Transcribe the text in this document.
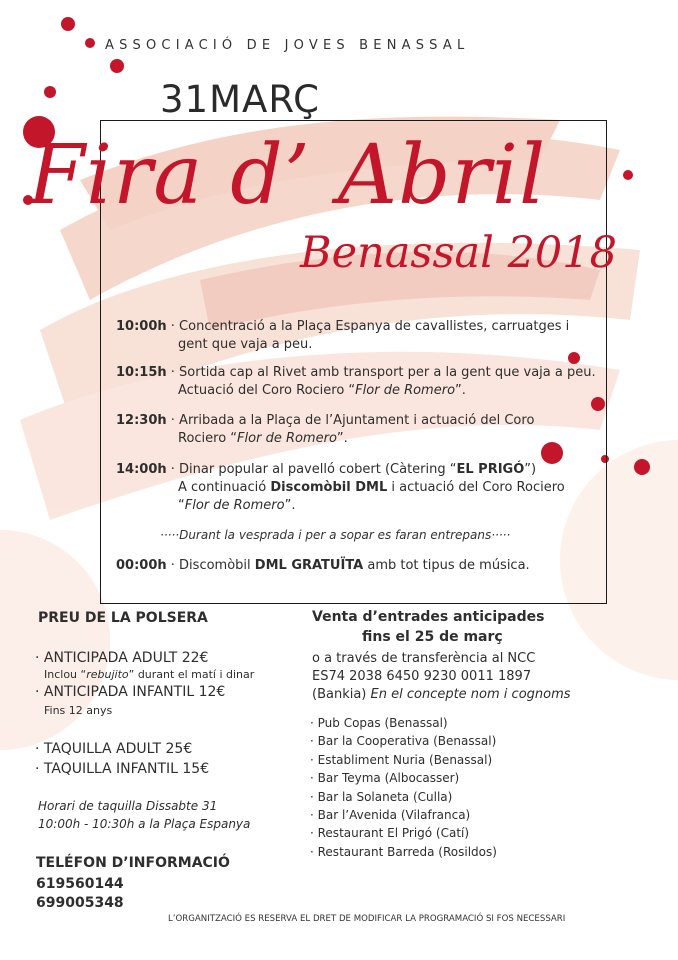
ASSOCIACIÓ DE JOVES BENASSAL
31MARÇ
Fira d’ Abril
Benassal 2018
10:00h · Concentració a la Plaça Espanya de cavallistes, carruatges i
gent que vaja a peu.
10:15h · Sortida cap al Rivet amb transport per a la gent que vaja a peu.
Actuació del Coro Rociero “Flor de Romero”.
12:30h · Arribada a la Plaça de l’Ajuntament i actuació del Coro
Rociero “Flor de Romero”.
14:00h · Dinar popular al pavelló cobert (Càtering “EL PRIGÓ”)
A continuació Discomòbil DML i actuació del Coro Rociero
“Flor de Romero”.
·····Durant la vesprada i per a sopar es faran entrepans·····
00:00h · Discomòbil DML GRATUÏTA amb tot tipus de música.
PREU DE LA POLSERA
· ANTICIPADA ADULT 22€
Inclou “rebujito” durant el matí i dinar
· ANTICIPADA INFANTIL 12€
Fins 12 anys
· TAQUILLA ADULT 25€
· TAQUILLA INFANTIL 15€
Horari de taquilla Dissabte 31
10:00h - 10:30h a la Plaça Espanya
TELÉFON D’INFORMACIÓ
619560144
699005348
Venta d’entrades anticipades
fins el 25 de març
o a través de transferència al NCC
ES74 2038 6450 9230 0011 1897
(Bankia) En el concepte nom i cognoms
· Pub Copas (Benassal)
· Bar la Cooperativa (Benassal)
· Establiment Nuria (Benassal)
· Bar Teyma (Albocasser)
· Bar la Solaneta (Culla)
· Bar l’Avenida (Vilafranca)
· Restaurant El Prigó (Catí)
· Restaurant Barreda (Rosildos)
L’ORGANITZACIÓ ES RESERVA EL DRET DE MODIFICAR LA PROGRAMACIÓ SI FOS NECESSARI
